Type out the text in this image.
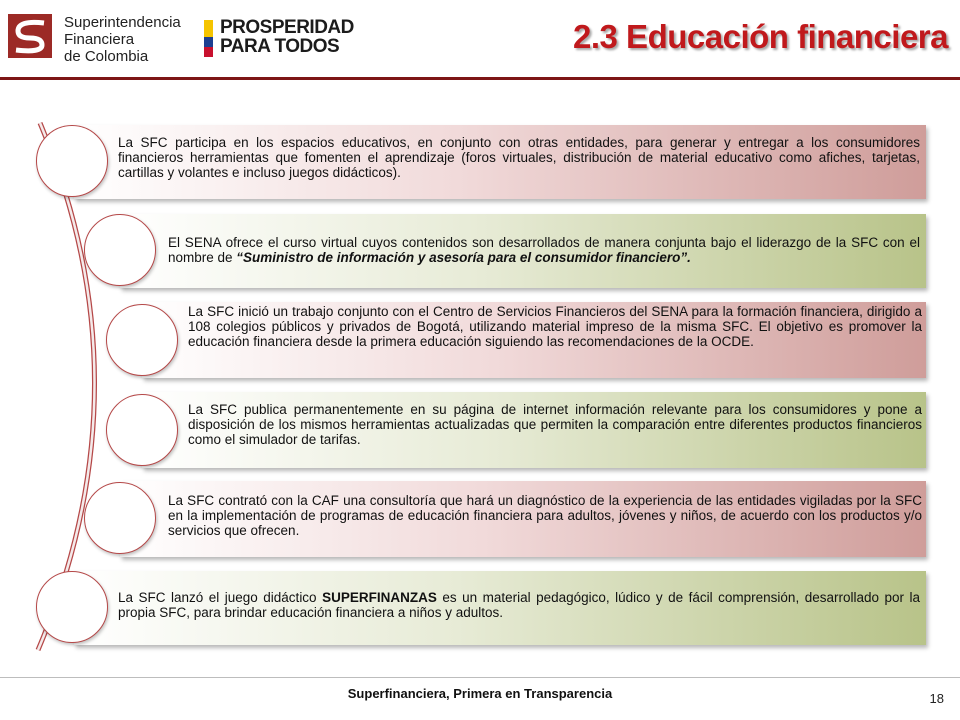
Superintendencia
Financiera
de Colombia
PROSPERIDAD
PARA TODOS	2.3 Educación financiera
La SFC participa en los espacios educativos, en conjunto con otras entidades, para generar y entregar a los consumidores financieros herramientas que fomenten el aprendizaje (foros virtuales, distribución de material educativo como afiches, tarjetas, cartillas y volantes e incluso juegos didácticos).
El SENA ofrece el curso virtual cuyos contenidos son desarrollados de manera conjunta bajo el liderazgo de la SFC con el nombre de “Suministro de información y asesoría para el consumidor financiero”.
La SFC inició un trabajo conjunto con el Centro de Servicios Financieros del SENA para la formación financiera, dirigido a 108 colegios públicos y privados de Bogotá, utilizando material impreso de la misma SFC. El objetivo es promover la educación financiera desde la primera educación siguiendo las recomendaciones de la OCDE.
La SFC publica permanentemente en su página de internet información relevante para los consumidores y pone a disposición de los mismos herramientas actualizadas que permiten la comparación entre diferentes productos financieros como el simulador de tarifas.
La SFC contrató con la CAF una consultoría que hará un diagnóstico de la experiencia de las entidades vigiladas por la SFC en la implementación de programas de educación financiera para adultos, jóvenes y niños, de acuerdo con los productos y/o servicios que ofrecen.
La SFC lanzó el juego didáctico SUPERFINANZAS es un material pedagógico, lúdico y de fácil comprensión, desarrollado por la propia SFC, para brindar educación financiera a niños y adultos.
Superfinanciera, Primera en Transparencia	18
